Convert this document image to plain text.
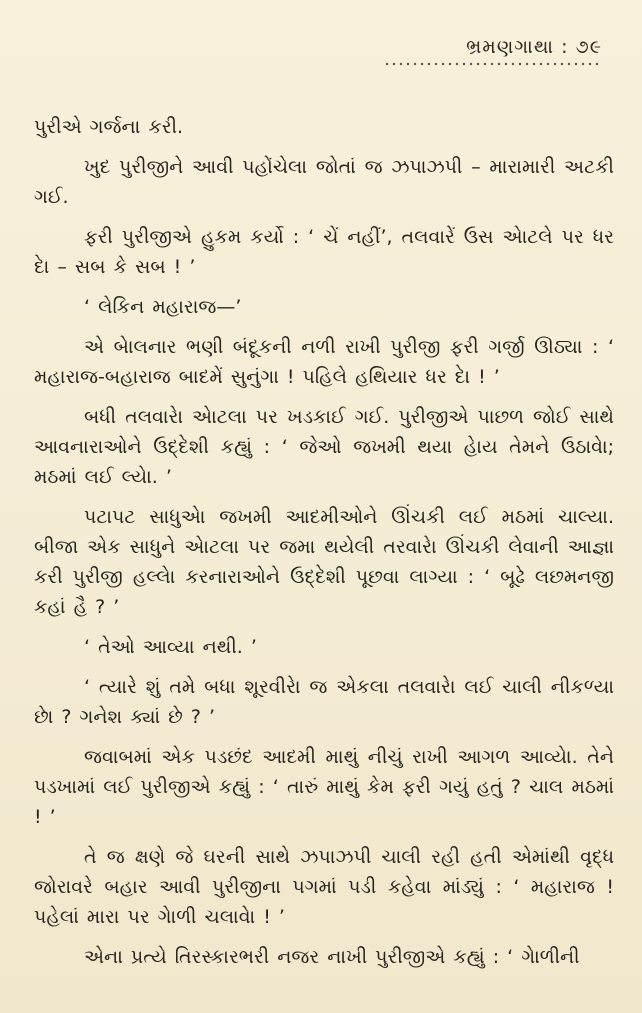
ભ્રમણગાથા : ૭૯

પુરીએ ગર્જના કરી.

ખુદ પુરીજીને આવી પહોંચેલા જોતાં જ ઝપાઝપી – મારામારી અટકી ગઈ.

ફરી પુરીજીએ હુકમ કર્યો : ‘ ચેં નહીં’, તલવારેં ઉસ એાટલે પર ધર દેા – સબ કે સબ ! ’

‘ લેકિન મહારાજ—’

એ બેાલનાર ભણી બંદૂકની નળી રાખી પુરીજી ફરી ગર્જી ઊઠ્યા : ‘ મહારાજ-બહારાજ બાદમેં સુનુંગા ! પહિલે હથિયાર ધર દેા ! ’

બધી તલવારેા એાટલા પર ખડકાઈ ગઈ. પુરીજીએ પાછળ જોઈ સાથે આવનારાઓને ઉદ્દેશી કહ્યું : ‘ જેઓ જખમી થયા હેાય તેમને ઉઠાવેા; મઠમાં લઈ લ્યેા. ’

પટાપટ સાધુએા જખમી આદમીઓને ઊંચકી લઈ મઠમાં ચાલ્યા. બીજા એક સાધુને એાટલા પર જમા થયેલી તરવારેા ઊંચકી લેવાની આજ્ઞા કરી પુરીજી હલ્લેા કરનારાઓને ઉદ્દેશી પૂછવા લાગ્યા : ‘ બૂઢે લછમનજી કહાં હૈ ? ’

‘ તેઓ આવ્યા નથી. ’

‘ ત્યારે શું તમે બધા શૂરવીરેા જ એકલા તલવારેા લઈ ચાલી નીકળ્યા છેા ? ગનેશ ક્યાં છે ? ’

જવાબમાં એક પડછંદ આદમી માથું નીચું રાખી આગળ આવ્યેા. તેને પડખામાં લઈ પુરીજીએ કહ્યું : ‘ તારું માથું કેમ ફરી ગયું હતું ? ચાલ મઠમાં ! ’

તે જ ક્ષણે જે ઘરની સાથે ઝપાઝપી ચાલી રહી હતી એમાંથી વૃદ્ધ જોરાવરે બહાર આવી પુરીજીના પગમાં પડી કહેવા માંડ્યું : ‘ મહારાજ ! પહેલાં મારા પર ગેાળી ચલાવેા ! ’

એના પ્રત્યે તિરસ્કારભરી નજર નાખી પુરીજીએ કહ્યું : ‘ ગેાળીની
